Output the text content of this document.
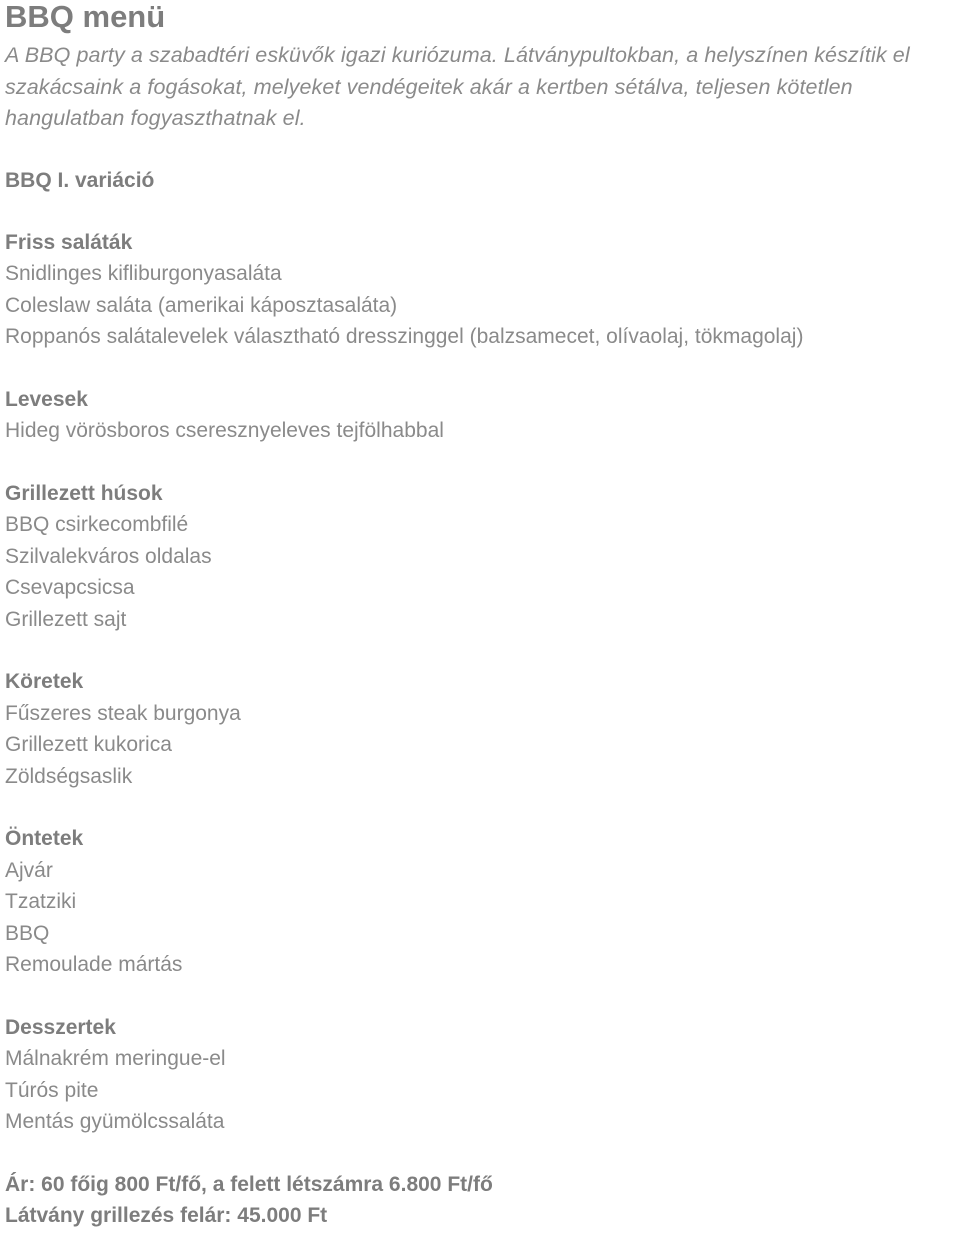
BBQ menü
A BBQ party a szabadtéri esküvők igazi kuriózuma. Látványpultokban, a helyszínen készítik el szakácsaink a fogásokat, melyeket vendégeitek akár a kertben sétálva, teljesen kötetlen hangulatban fogyaszthatnak el.
BBQ I. variáció
Friss saláták
Snidlinges kifliburgonyasaláta
Coleslaw saláta (amerikai káposztasaláta)
Roppanós salátalevelek választható dresszinggel (balzsamecet, olívaolaj, tökmagolaj)
Levesek
Hideg vörösboros cseresznyeleves tejfölhabbal
Grillezett húsok
BBQ csirkecombfilé
Szilvalekváros oldalas
Csevapcsicsa
Grillezett sajt
Köretek
Fűszeres steak burgonya
Grillezett kukorica
Zöldségsaslik
Öntetek
Ajvár
Tzatziki
BBQ
Remoulade mártás
Desszertek
Málnakrém meringue-el
Túrós pite
Mentás gyümölcssaláta
Ár: 60 főig 800 Ft/fő, a felett létszámra 6.800 Ft/fő
Látvány grillezés felár: 45.000 Ft
